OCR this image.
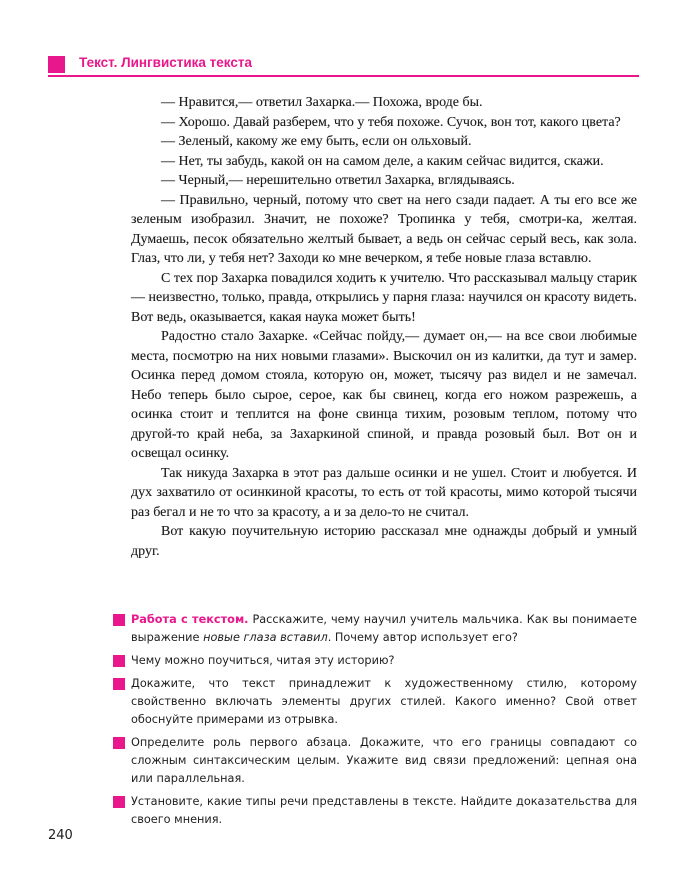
Текст. Лингвистика текста

— Нравится,— ответил Захарка.— Похожа, вроде бы.

— Хорошо. Давай разберем, что у тебя похоже. Сучок, вон тот, какого цвета?

— Зеленый, какому же ему быть, если он ольховый.

— Нет, ты забудь, какой он на самом деле, а каким сейчас видится, скажи.

— Черный,— нерешительно ответил Захарка, вглядываясь.

— Правильно, черный, потому что свет на него сзади падает. А ты его все же зеленым изобразил. Значит, не похоже? Тропинка у тебя, смотри-ка, желтая. Думаешь, песок обязательно желтый бывает, а ведь он сейчас серый весь, как зола. Глаз, что ли, у тебя нет? Заходи ко мне вечерком, я тебе новые глаза вставлю.

С тех пор Захарка повадился ходить к учителю. Что рассказывал мальцу старик — неизвестно, только, правда, открылись у парня глаза: научился он красоту видеть. Вот ведь, оказывается, какая наука может быть!

Радостно стало Захарке. «Сейчас пойду,— думает он,— на все свои любимые места, посмотрю на них новыми глазами». Выскочил он из калитки, да тут и замер. Осинка перед домом стояла, которую он, может, тысячу раз видел и не замечал. Небо теперь было сырое, серое, как бы свинец, когда его ножом разрежешь, а осинка стоит и теплится на фоне свинца тихим, розовым теплом, потому что другой-то край неба, за Захаркиной спиной, и правда розовый был. Вот он и освещал осинку.

Так никуда Захарка в этот раз дальше осинки и не ушел. Стоит и любуется. И дух захватило от осинкиной красоты, то есть от той красоты, мимо которой тысячи раз бегал и не то что за красоту, а и за дело-то не считал.

Вот какую поучительную историю рассказал мне однажды добрый и умный друг.

Работа с текстом. Расскажите, чему научил учитель мальчика. Как вы понимаете выражение новые глаза вставил. Почему автор использует его?
Чему можно поучиться, читая эту историю?
Докажите, что текст принадлежит к художественному стилю, которому свойственно включать элементы других стилей. Какого именно? Свой ответ обоснуйте примерами из отрывка.
Определите роль первого абзаца. Докажите, что его границы совпадают со сложным синтаксическим целым. Укажите вид связи предложений: цепная она или параллельная.
Установите, какие типы речи представлены в тексте. Найдите доказательства для своего мнения.
240
